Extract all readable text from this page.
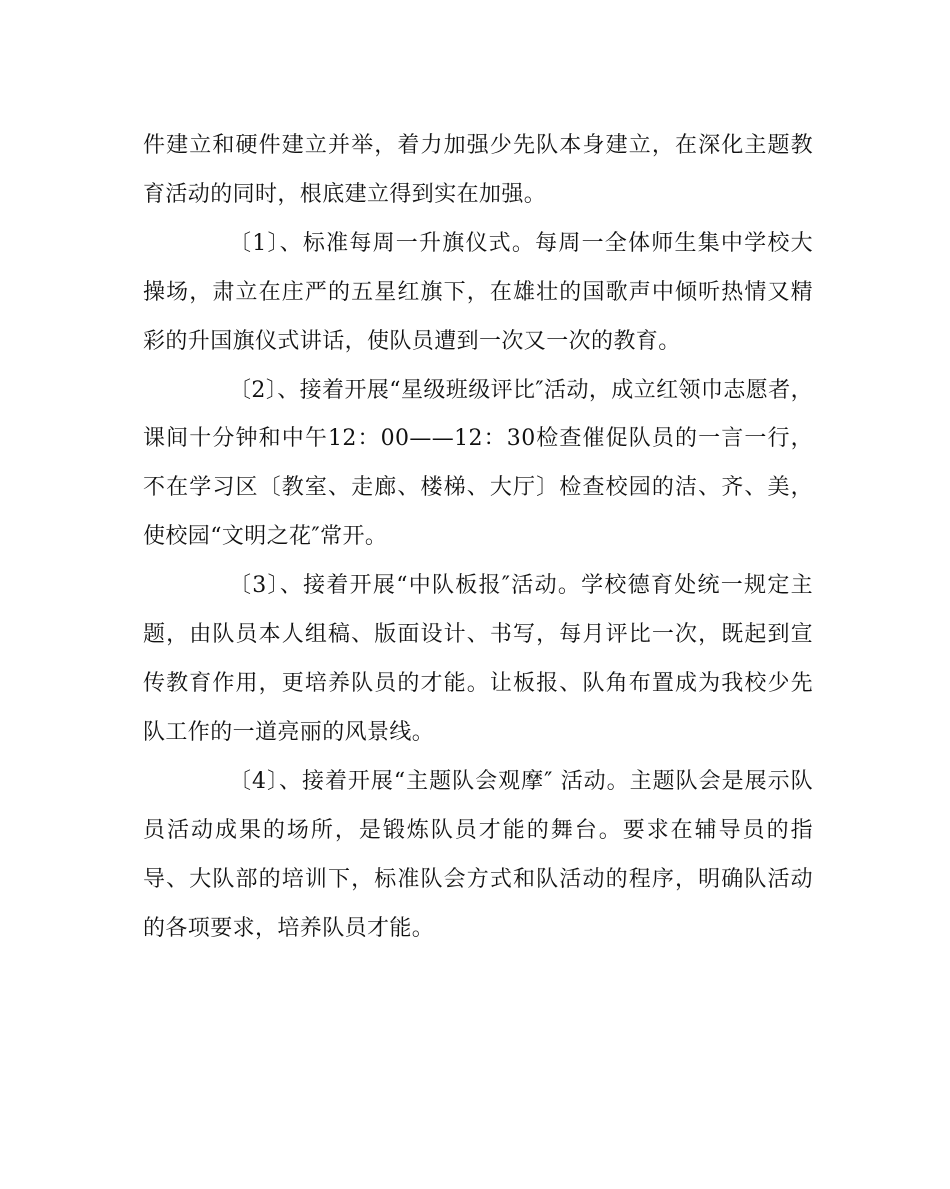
件建立和硬件建立并举，着力加强少先队本身建立，在深化主题教育活动的同时，根底建立得到实在加强。

〔1〕、标准每周一升旗仪式。每周一全体师生集中学校大操场，肃立在庄严的五星红旗下，在雄壮的国歌声中倾听热情又精彩的升国旗仪式讲话，使队员遭到一次又一次的教育。

〔2〕、接着开展“星级班级评比″活动，成立红领巾志愿者，课间十分钟和中午12：00——12：30检查催促队员的一言一行，不在学习区〔教室、走廊、楼梯、大厅〕检查校园的洁、齐、美，使校园“文明之花″常开。

〔3〕、接着开展“中队板报″活动。学校德育处统一规定主题，由队员本人组稿、版面设计、书写，每月评比一次，既起到宣传教育作用，更培养队员的才能。让板报、队角布置成为我校少先队工作的一道亮丽的风景线。

〔4〕、接着开展“主题队会观摩″ 活动。主题队会是展示队员活动成果的场所，是锻炼队员才能的舞台。要求在辅导员的指导、大队部的培训下，标准队会方式和队活动的程序，明确队活动的各项要求，培养队员才能。
